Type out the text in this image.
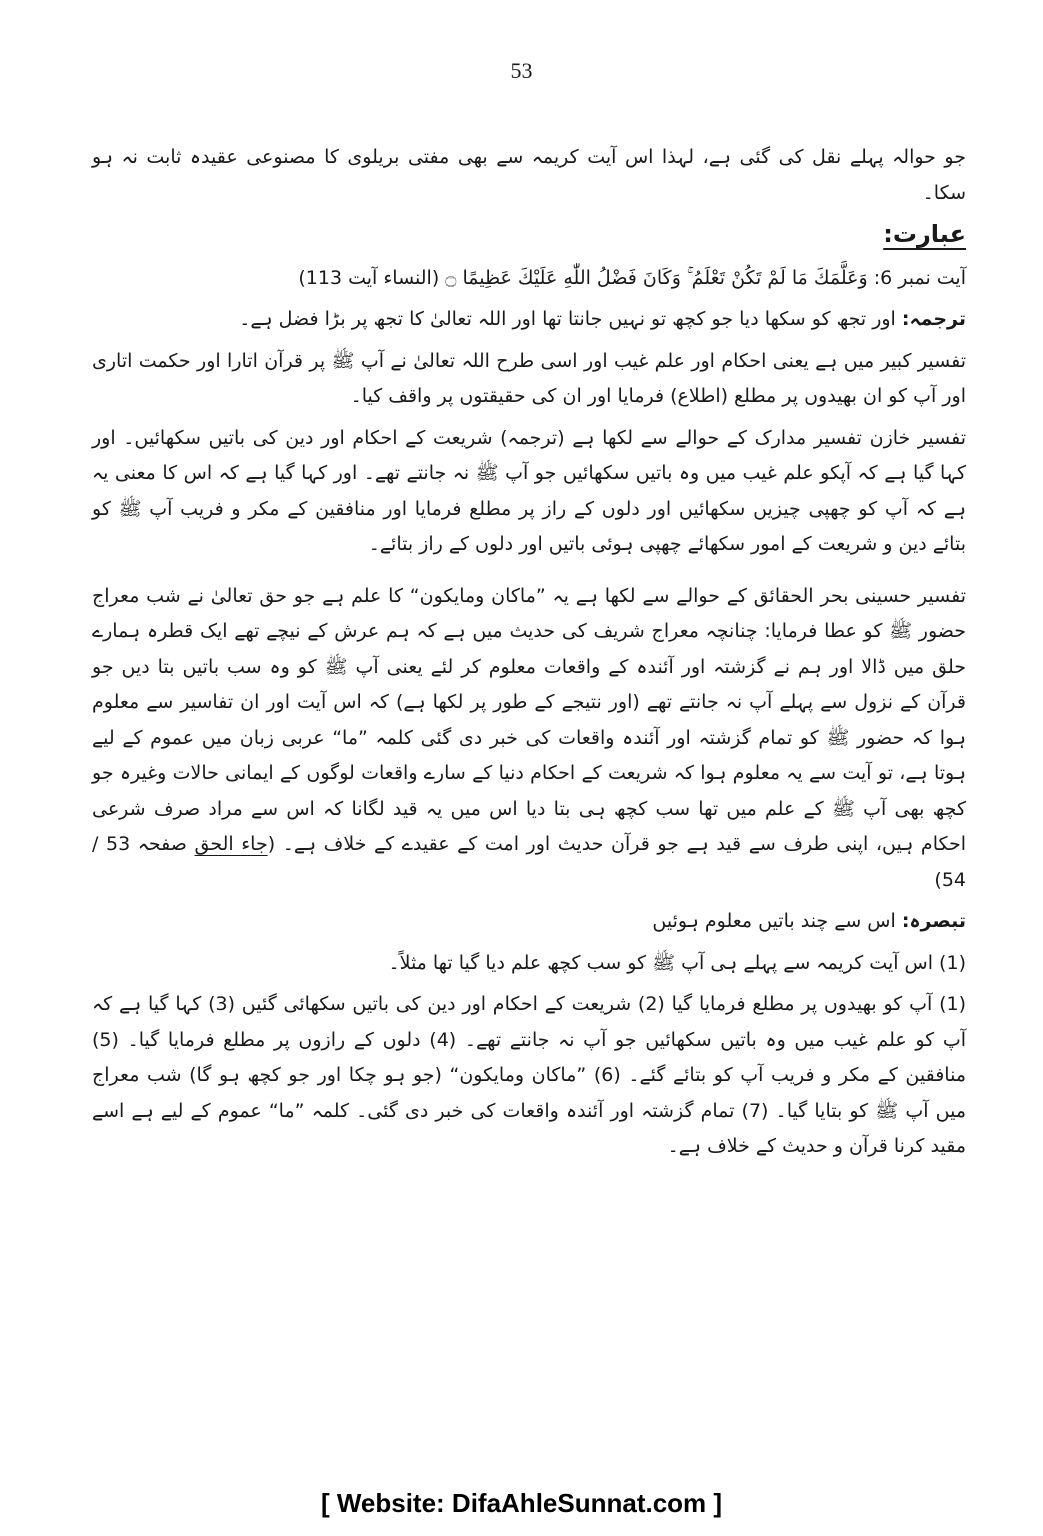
53

جو حوالہ پہلے نقل کی گئی ہے، لہذا اس آیت کریمہ سے بھی مفتی بریلوی کا مصنوعی عقیدہ ثابت نہ ہو سکا۔

عبارت:

آیت نمبر 6: وَعَلَّمَكَ مَا لَمْ تَكُنْ تَعْلَمُ ۚ وَكَانَ فَضْلُ اللّٰهِ عَلَيْكَ عَظِيمًا ۝ (النساء آیت 113)

ترجمہ: اور تجھ کو سکھا دیا جو کچھ تو نہیں جانتا تھا اور اللہ تعالیٰ کا تجھ پر بڑا فضل ہے۔

تفسیر کبیر میں ہے یعنی احکام اور علم غیب اور اسی طرح اللہ تعالیٰ نے آپ ﷺ پر قرآن اتارا اور حکمت اتاری اور آپ کو ان بھیدوں پر مطلع (اطلاع) فرمایا اور ان کی حقیقتوں پر واقف کیا۔

تفسیر خازن تفسیر مدارک کے حوالے سے لکھا ہے (ترجمہ) شریعت کے احکام اور دین کی باتیں سکھائیں۔ اور کہا گیا ہے کہ آپکو علم غیب میں وہ باتیں سکھائیں جو آپ ﷺ نہ جانتے تھے۔ اور کہا گیا ہے کہ اس کا معنی یہ ہے کہ آپ کو چھپی چیزیں سکھائیں اور دلوں کے راز پر مطلع فرمایا اور منافقین کے مکر و فریب آپ ﷺ کو بتائے دین و شریعت کے امور سکھائے چھپی ہوئی باتیں اور دلوں کے راز بتائے۔

تفسیر حسینی بحر الحقائق کے حوالے سے لکھا ہے یہ ”ماکان ومایکون“ کا علم ہے جو حق تعالیٰ نے شب معراج حضور ﷺ کو عطا فرمایا: چنانچہ معراج شریف کی حدیث میں ہے کہ ہم عرش کے نیچے تھے ایک قطرہ ہمارے حلق میں ڈالا اور ہم نے گزشتہ اور آئندہ کے واقعات معلوم کر لئے یعنی آپ ﷺ کو وہ سب باتیں بتا دیں جو قرآن کے نزول سے پہلے آپ نہ جانتے تھے (اور نتیجے کے طور پر لکھا ہے) کہ اس آیت اور ان تفاسیر سے معلوم ہوا کہ حضور ﷺ کو تمام گزشتہ اور آئندہ واقعات کی خبر دی گئی کلمہ ”ما“ عربی زبان میں عموم کے لیے ہوتا ہے، تو آیت سے یہ معلوم ہوا کہ شریعت کے احکام دنیا کے سارے واقعات لوگوں کے ایمانی حالات وغیرہ جو کچھ بھی آپ ﷺ کے علم میں تھا سب کچھ ہی بتا دیا اس میں یہ قید لگانا کہ اس سے مراد صرف شرعی احکام ہیں، اپنی طرف سے قید ہے جو قرآن حدیث اور امت کے عقیدے کے خلاف ہے۔ (جاء الحق صفحہ 53 / 54)

تبصرہ: اس سے چند باتیں معلوم ہوئیں

(1) اس آیت کریمہ سے پہلے ہی آپ ﷺ کو سب کچھ علم دیا گیا تھا مثلاً۔

(1) آپ کو بھیدوں پر مطلع فرمایا گیا (2) شریعت کے احکام اور دین کی باتیں سکھائی گئیں (3) کہا گیا ہے کہ آپ کو علم غیب میں وہ باتیں سکھائیں جو آپ نہ جانتے تھے۔ (4) دلوں کے رازوں پر مطلع فرمایا گیا۔ (5) منافقین کے مکر و فریب آپ کو بتائے گئے۔ (6) ”ماکان ومایکون“ (جو ہو چکا اور جو کچھ ہو گا) شب معراج میں آپ ﷺ کو بتایا گیا۔ (7) تمام گزشتہ اور آئندہ واقعات کی خبر دی گئی۔ کلمہ ”ما“ عموم کے لیے ہے اسے مقید کرنا قرآن و حدیث کے خلاف ہے۔

[ Website: DifaAhleSunnat.com ]
